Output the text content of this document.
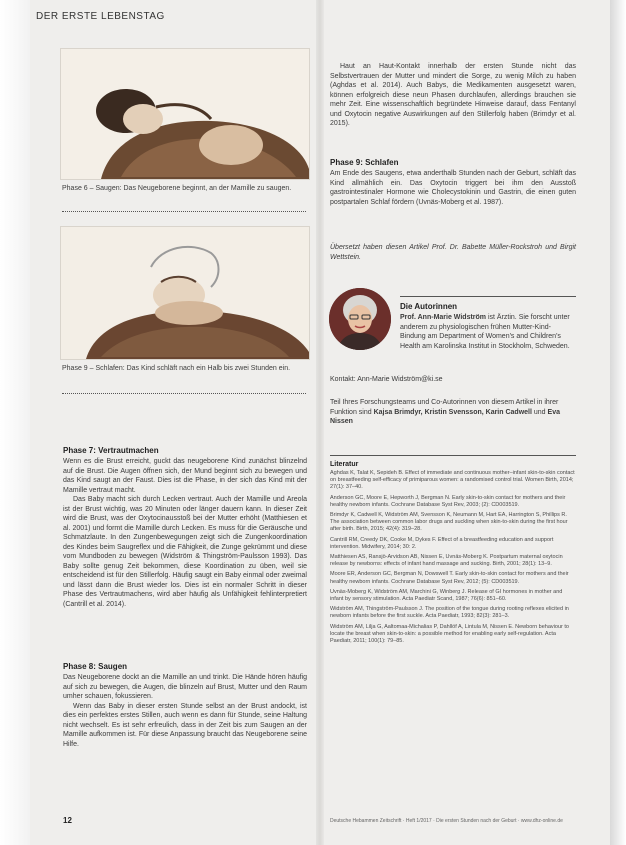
DER ERSTE LEBENSTAG
Phase 6 – Saugen: Das Neugeborene beginnt, an der Mamille zu saugen.
Phase 9 – Schlafen: Das Kind schläft nach ein Halb bis zwei Stunden ein.
Phase 7: Vertrautmachen

Wenn es die Brust erreicht, guckt das neugeborene Kind zunächst blinzelnd auf die Brust. Die Augen öffnen sich, der Mund beginnt sich zu bewegen und das Kind saugt an der Faust. Dies ist die Phase, in der sich das Kind mit der Mamille vertraut macht.

Das Baby macht sich durch Lecken vertraut. Auch der Mamille und Areola ist der Brust wichtig, was 20 Minuten oder länger dauern kann. In dieser Zeit wird die Brust, was der Oxytocinausstoß bei der Mutter erhöht (Matthiesen et al. 2001) und formt die Mamille durch Lecken. Es muss für die Geräusche und Schmatzlaute. In den Zungenbewegungen zeigt sich die Zungenkoordination des Kindes beim Saugreflex und die Fähigkeit, die Zunge gekrümmt und diese vom Mundboden zu bewegen (Widström & Thingström-Paulsson 1993). Das Baby sollte genug Zeit bekommen, diese Koordination zu üben, weil sie entscheidend ist für den Stillerfolg. Häufig saugt ein Baby einmal oder zweimal und lässt dann die Brust wieder los. Dies ist ein normaler Schritt in dieser Phase des Vertrautmachens, wird aber häufig als Unfähigkeit fehlinterpretiert (Cantrill et al. 2014).

Phase 8: Saugen

Das Neugeborene dockt an die Mamille an und trinkt. Die Hände hören häufig auf sich zu bewegen, die Augen, die blinzeln auf Brust, Mutter und den Raum umher schauen, fokussieren.

Wenn das Baby in dieser ersten Stunde selbst an der Brust andockt, ist dies ein perfektes erstes Stillen, auch wenn es dann für Stunde, seine Haltung nicht wechselt. Es ist sehr erfreulich, dass in der Zeit bis zum Saugen an der Mamille aufkommen ist. Für diese Anpassung braucht das Neugeborene seine Hilfe.

Haut an Haut-Kontakt innerhalb der ersten Stunde nicht das Selbstvertrauen der Mutter und mindert die Sorge, zu wenig Milch zu haben (Aghdas et al. 2014). Auch Babys, die Medikamenten ausgesetzt waren, können erfolgreich diese neun Phasen durchlaufen, allerdings brauchen sie mehr Zeit. Eine wissenschaftlich begründete Hinweise darauf, dass Fentanyl und Oxytocin negative Auswirkungen auf den Stillerfolg haben (Brimdyr et al. 2015).
Phase 9: Schlafen
Am Ende des Saugens, etwa anderthalb Stunden nach der Geburt, schläft das Kind allmählich ein. Das Oxytocin triggert bei ihm den Ausstoß gastrointestinaler Hormone wie Cholecystokinin und Gastrin, die einen guten postpartalen Schlaf fördern (Uvnäs-Moberg et al. 1987).
Übersetzt haben diesen Artikel Prof. Dr. Babette Müller-Rockstroh und Birgit Wettstein.
Die Autorinnen
Prof. Ann-Marie Widström ist Ärztin. Sie forscht unter anderem zu physiologischen frühen Mutter-Kind-Bindung am Department of Women's and Children's Health am Karolinska Institut in Stockholm, Schweden.
Kontakt: Ann-Marie Widström@ki.se
Teil Ihres Forschungsteams und Co-Autorinnen von diesem Artikel in ihrer Funktion sind Kajsa Brimdyr, Kristin Svensson, Karin Cadwell und Eva Nissen
Literatur

Aghdas K, Talat K, Sepideh B. Effect of immediate and continuous mother–infant skin-to-skin contact on breastfeeding self-efficacy of primiparous women: a randomised control trial. Women Birth, 2014; 27(1): 37–40.

Anderson GC, Moore E, Hepworth J, Bergman N. Early skin-to-skin contact for mothers and their healthy newborn infants. Cochrane Database Syst Rev, 2003; (2): CD003519.

Brimdyr K, Cadwell K, Widström AM, Svensson K, Neumann M, Hart EA, Harrington S, Phillips R. The association between common labor drugs and suckling when skin-to-skin during the first hour after birth. Birth, 2015; 42(4): 319–28.

Cantrill RM, Creedy DK, Cooke M, Dykes F. Effect of a breastfeeding education and support intervention. Midwifery, 2014; 30: 2.

Matthiesen AS, Ransjö-Arvidson AB, Nissen E, Uvnäs-Moberg K. Postpartum maternal oxytocin release by newborns: effects of infant hand massage and sucking. Birth, 2001; 28(1): 13–9.

Moore ER, Anderson GC, Bergman N, Dowswell T. Early skin-to-skin contact for mothers and their healthy newborn infants. Cochrane Database Syst Rev, 2012; (5): CD003519.

Uvnäs-Moberg K, Widström AM, Marchini G, Winberg J. Release of GI hormones in mother and infant by sensory stimulation. Acta Paediatr Scand, 1987; 76(6): 851–60.

Widström AM, Thingström-Paulsson J. The position of the tongue during rooting reflexes elicited in newborn infants before the first suckle. Acta Paediatr, 1993; 82(3): 281–3.

Widström AM, Lilja G, Aaltomaa-Michalias P, Dahllöf A, Lintula M, Nissen E. Newborn behaviour to locate the breast when skin-to-skin: a possible method for enabling early self-regulation. Acta Paediatr, 2011; 100(1): 79–85.

12	Deutsche Hebammen Zeitschrift · Heft 1/2017 · Die ersten Stunden nach der Geburt · www.dhz-online.de
